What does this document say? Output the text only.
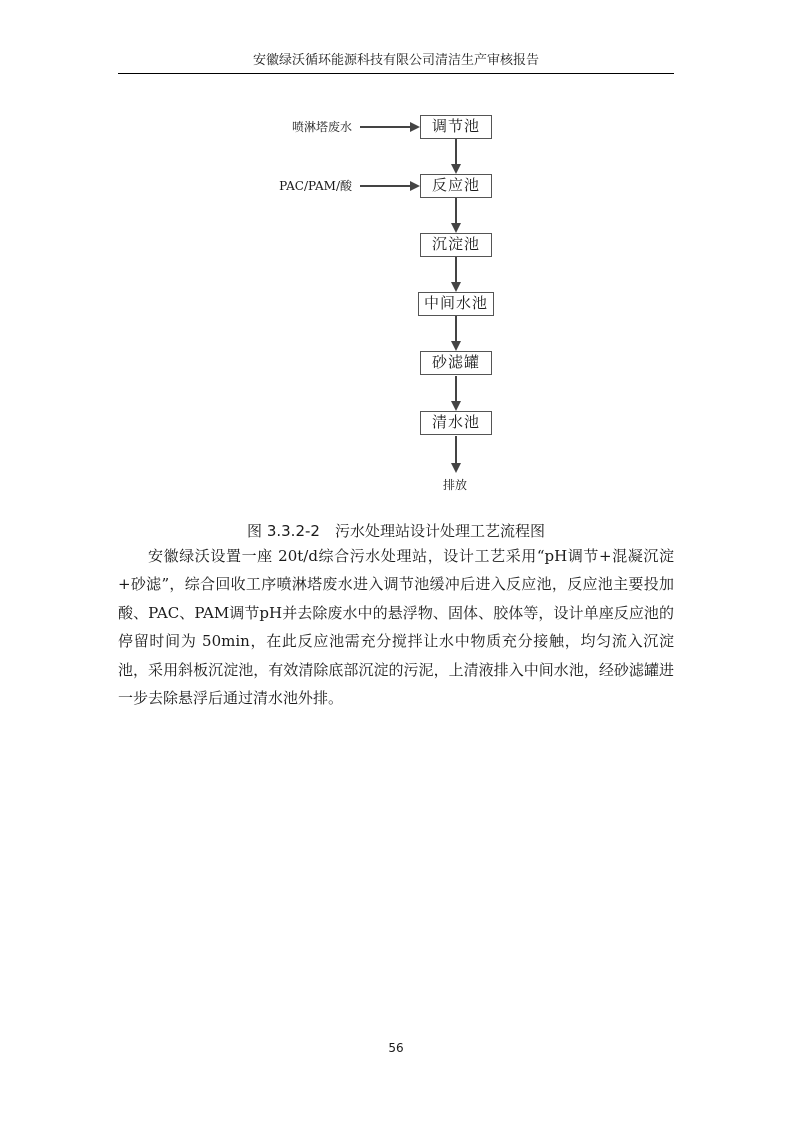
安徽绿沃循环能源科技有限公司清洁生产审核报告
喷淋塔废水
PAC/PAM/酸
调节池
反应池
沉淀池
中间水池
砂滤罐
清水池
排放
图 3.3.2-2　污水处理站设计处理工艺流程图

安徽绿沃设置一座 20t/d综合污水处理站，设计工艺采用“pH调节+混凝沉淀+砂滤”，综合回收工序喷淋塔废水进入调节池缓冲后进入反应池，反应池主要投加酸、PAC、PAM调节pH并去除废水中的悬浮物、固体、胶体等，设计单座反应池的停留时间为 50min，在此反应池需充分搅拌让水中物质充分接触，均匀流入沉淀池，采用斜板沉淀池，有效清除底部沉淀的污泥，上清液排入中间水池，经砂滤罐进一步去除悬浮后通过清水池外排。

56
